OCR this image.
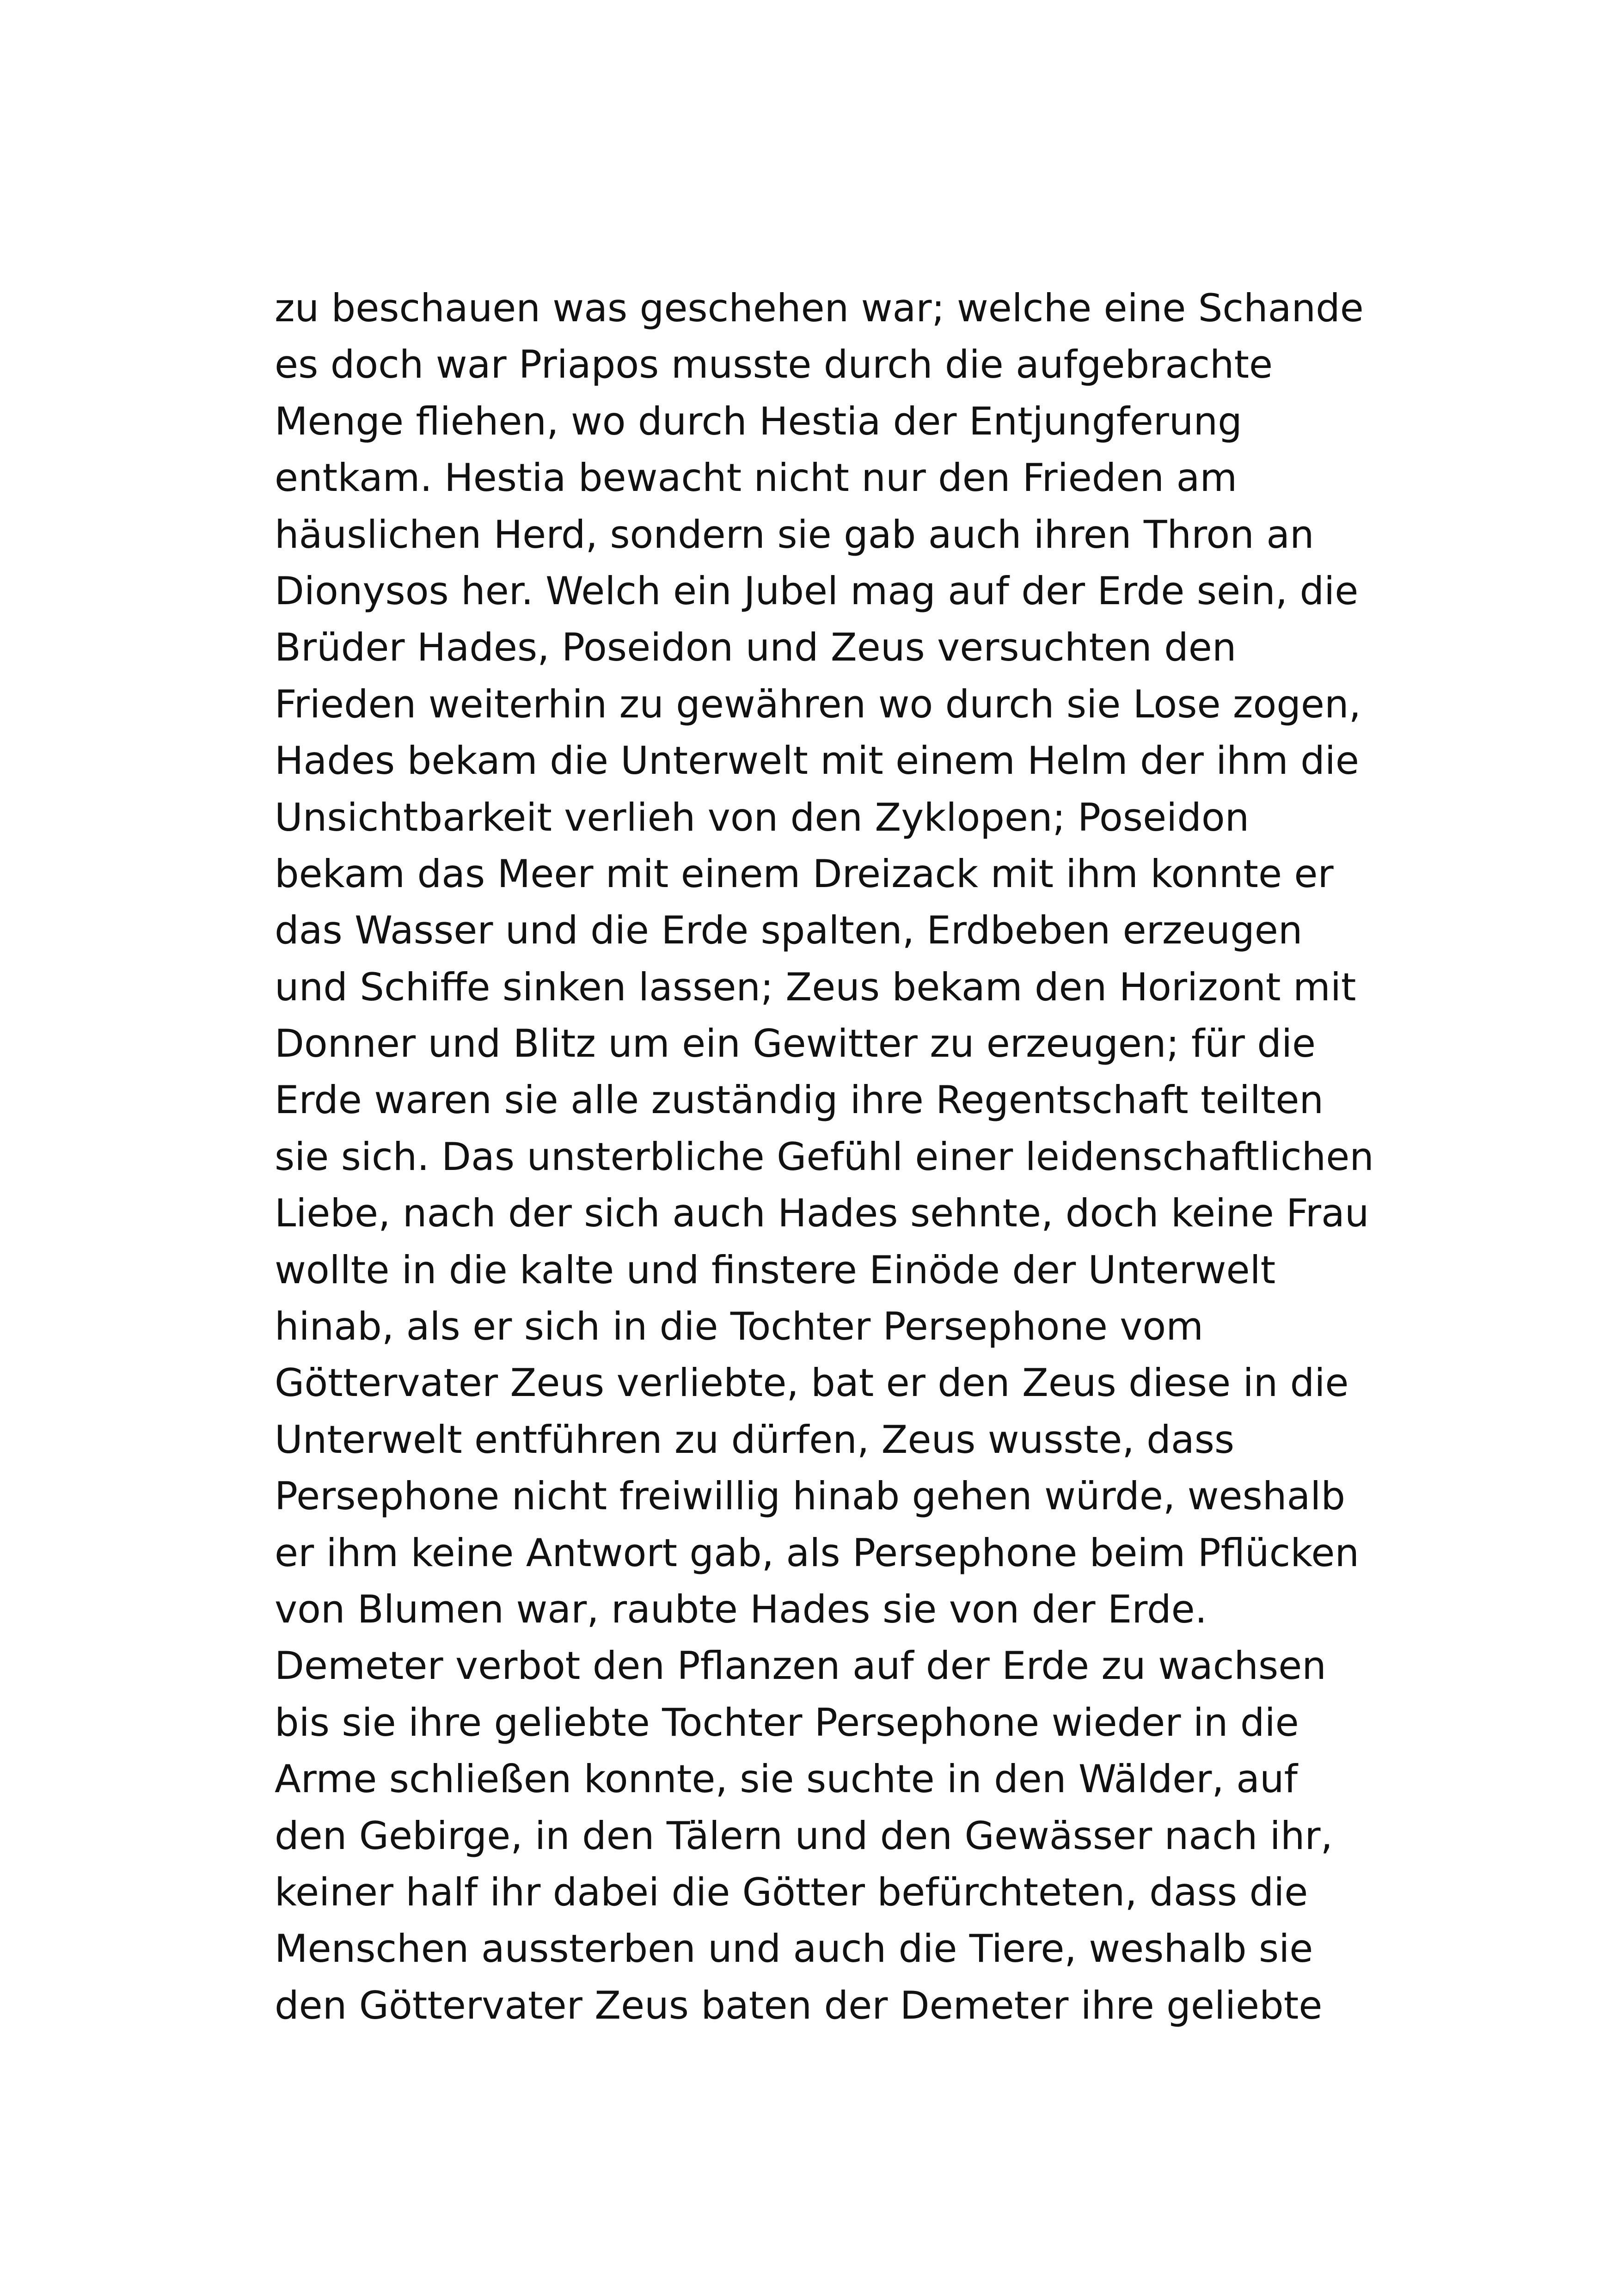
zu beschauen was geschehen war; welche eine Schande
es doch war Priapos musste durch die aufgebrachte
Menge fliehen, wo durch Hestia der Entjungferung
entkam. Hestia bewacht nicht nur den Frieden am
häuslichen Herd, sondern sie gab auch ihren Thron an
Dionysos her. Welch ein Jubel mag auf der Erde sein, die
Brüder Hades, Poseidon und Zeus versuchten den
Frieden weiterhin zu gewähren wo durch sie Lose zogen,
Hades bekam die Unterwelt mit einem Helm der ihm die
Unsichtbarkeit verlieh von den Zyklopen; Poseidon
bekam das Meer mit einem Dreizack mit ihm konnte er
das Wasser und die Erde spalten, Erdbeben erzeugen
und Schiffe sinken lassen; Zeus bekam den Horizont mit
Donner und Blitz um ein Gewitter zu erzeugen; für die
Erde waren sie alle zuständig ihre Regentschaft teilten
sie sich. Das unsterbliche Gefühl einer leidenschaftlichen
Liebe, nach der sich auch Hades sehnte, doch keine Frau
wollte in die kalte und finstere Einöde der Unterwelt
hinab, als er sich in die Tochter Persephone vom
Göttervater Zeus verliebte, bat er den Zeus diese in die
Unterwelt entführen zu dürfen, Zeus wusste, dass
Persephone nicht freiwillig hinab gehen würde, weshalb
er ihm keine Antwort gab, als Persephone beim Pflücken
von Blumen war, raubte Hades sie von der Erde.
Demeter verbot den Pflanzen auf der Erde zu wachsen
bis sie ihre geliebte Tochter Persephone wieder in die
Arme schließen konnte, sie suchte in den Wälder, auf
den Gebirge, in den Tälern und den Gewässer nach ihr,
keiner half ihr dabei die Götter befürchteten, dass die
Menschen aussterben und auch die Tiere, weshalb sie
den Göttervater Zeus baten der Demeter ihre geliebte
